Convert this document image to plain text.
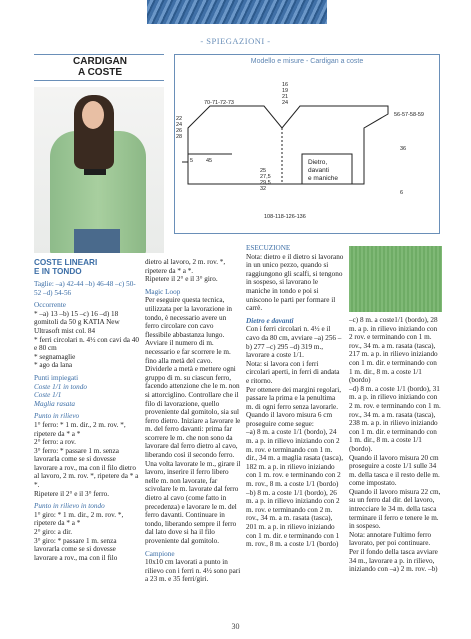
- SPIEGAZIONI -
CARDIGAN
A COSTE
Modello e misure - Cardigan a coste
16
19
21
24
70-71-72-73
56-57-58-59
22
24
26
28
5 45
25
27,5
29,5
32
Dietro,
davanti
e maniche
36
6
108-118-126-136

COSTE LINEARI

E IN TONDO

Taglie: –a) 42-44 –b) 46-48 –c) 50-52 –d) 54-56

Occorrente

* –a) 13 –b) 15 –c) 16 –d) 18 gomitoli da 50 g KATIA New Ultrasoft mist col. 84

* ferri circolari n. 4½ con cavi da 40 e 80 cm

* segnamaglie

* ago da lana

Punti impiegati

Coste 1/1 in tondo

Coste 1/1

Maglia rasata

Punto in rilievo

1° ferro: * 1 m. dir., 2 m. rov. *, ripetere da * a *

2° ferro: a rov.

3° ferro: * passare 1 m. senza lavorarla come se si dovesse lavorare a rov., ma con il filo dietro al lavoro, 2 m. rov. *, ripetere da * a *.

Ripetere il 2° e il 3° ferro.

Punto in rilievo in tondo

1° giro: * 1 m. dir., 2 m. rov. *, ripetere da * a *

2° giro: a dir.

3° giro: * passare 1 m. senza lavorarla come se si dovesse lavorare a rov., ma con il filo

dietro al lavoro, 2 m. rov. *, ripetere da * a *.

Ripetere il 2° e il 3° giro.

Magic Loop

Per eseguire questa tecnica, utilizzata per la lavorazione in tondo, è necessario avere un ferro circolare con cavo flessibile abbastanza lungo. Avviare il numero di m. necessario e far scorrere le m. fino alla metà del cavo. Dividerle a metà e mettere ogni gruppo di m. su ciascun ferro, facendo attenzione che le m. non si attorciglino. Controllare che il filo di lavorazione, quello proveniente dal gomitolo, sia sul ferro dietro. Iniziare a lavorare le m. del ferro davanti: prima far scorrere le m. che non sono da lavorare dal ferro dietro al cavo, liberando così il secondo ferro. Una volta lavorate le m., girare il lavoro, inserire il ferro libero nelle m. non lavorate, far scivolare le m. lavorate dal ferro dietro al cavo (come fatto in precedenza) e lavorare le m. del ferro davanti. Continuare in tondo, liberando sempre il ferro dal lato dove si ha il filo proveniente dal gomitolo.

Campione

10x10 cm lavorati a punto in rilievo con i ferri n. 4½ sono pari a 23 m. e 35 ferri/giri.

ESECUZIONE

Nota: dietro e il dietro si lavorano in un unico pezzo, quando si raggiungono gli scalfi, si tengono in sospeso, si lavorano le maniche in tondo e poi si uniscono le parti per formare il carrè.

Dietro e davanti

Con i ferri circolari n. 4½ e il cavo da 80 cm, avviare –a) 256 –b) 277 –c) 295 –d) 319 m., lavorare a coste 1/1.

Nota: si lavora con i ferri circolari aperti, in ferri di andata e ritorno.

Per ottenere dei margini regolari, passare la prima e la penultima m. di ogni ferro senza lavorarle.

Quando il lavoro misura 6 cm proseguire come segue:

–a) 8 m. a coste 1/1 (bordo), 24 m. a p. in rilievo iniziando con 2 m. rov. e terminando con 1 m. dir., 34 m. a maglia rasata (tasca), 182 m. a p. in rilievo iniziando con 1 m. rov. e terminando con 2 m. rov., 8 m. a coste 1/1 (bordo)

–b) 8 m. a coste 1/1 (bordo), 26 m. a p. in rilievo iniziando con 2 m. rov. e terminando con 2 m. rov., 34 m. a m. rasata (tasca), 201 m. a p. in rilievo iniziando con 1 m. dir. e terminando con 1 m. rov., 8 m. a coste 1/1 (bordo)

–c) 8 m. a coste1/1 (bordo), 28 m. a p. in rilievo iniziando con 2 rov. e terminando con 1 m. rov., 34 m. a m. rasata (tasca), 217 m. a p. in rilievo iniziando con 1 m. dir. e terminando con 1 m. dir., 8 m. a coste 1/1 (bordo)

–d) 8 m. a coste 1/1 (bordo), 31 m. a p. in rilievo iniziando con 2 m. rov. e terminando con 1 m. rov., 34 m. a m. rasata (tasca), 238 m. a p. in rilievo iniziando con 1 m. dir. e terminando con 1 m. dir., 8 m. a coste 1/1 (bordo).

Quando il lavoro misura 20 cm proseguire a coste 1/1 sulle 34 m. della tasca e il resto delle m. come impostato.

Quando il lavoro misura 22 cm, su un ferro dal dir. del lavoro, intrecciare le 34 m. della tasca terminare il ferro e tenere le m. in sospeso.

Nota: annotare l'ultimo ferro lavorato, per poi continuare.

Per il fondo della tasca avviare 34 m., lavorare a p. in rilievo, iniziando con –a) 2 m. rov. –b)

30
